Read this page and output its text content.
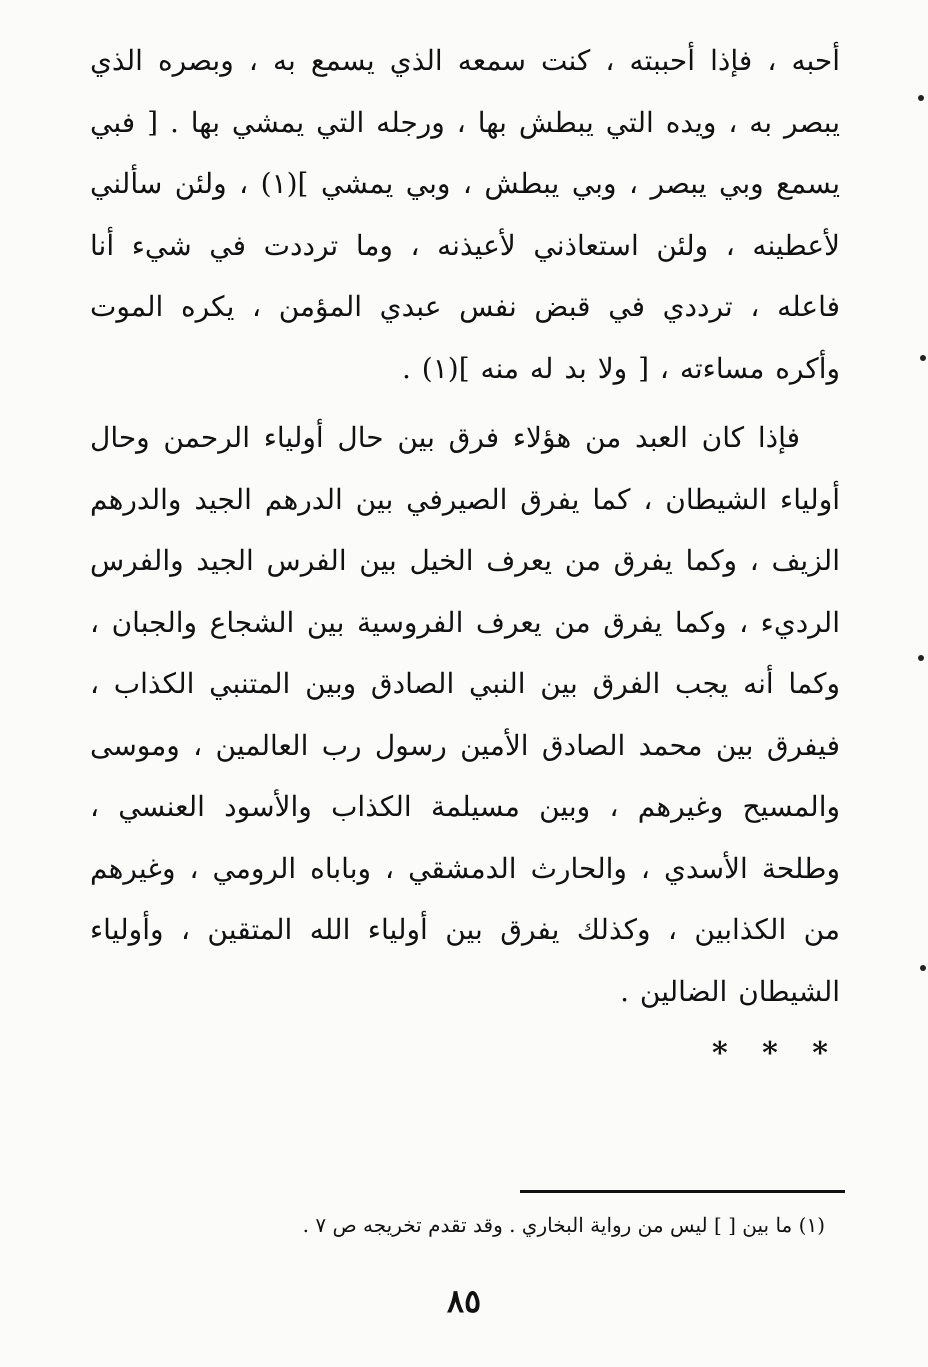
أحبه ، فإذا أحببته ، كنت سمعه الذي يسمع به ، وبصره الذي يبصر به ، ويده التي يبطش بها ، ورجله التي يمشي بها . [ فبي يسمع وبي يبصر ، وبي يبطش ، وبي يمشي ](١) ، ولئن سألني لأعطينه ، ولئن استعاذني لأعيذنه ، وما ترددت في شيء أنا فاعله ، ترددي في قبض نفس عبدي المؤمن ، يكره الموت وأكره مساءته ، [ ولا بد له منه ](١) .

فإذا كان العبد من هؤلاء فرق بين حال أولياء الرحمن وحال أولياء الشيطان ، كما يفرق الصيرفي بين الدرهم الجيد والدرهم الزيف ، وكما يفرق من يعرف الخيل بين الفرس الجيد والفرس الرديء ، وكما يفرق من يعرف الفروسية بين الشجاع والجبان ، وكما أنه يجب الفرق بين النبي الصادق وبين المتنبي الكذاب ، فيفرق بين محمد الصادق الأمين رسول رب العالمين ، وموسى والمسيح وغيرهم ، وبين مسيلمة الكذاب والأسود العنسي ، وطلحة الأسدي ، والحارث الدمشقي ، وباباه الرومي ، وغيرهم من الكذابين ، وكذلك يفرق بين أولياء الله المتقين ، وأولياء الشيطان الضالين .

* * *
(١) ما بين [ ] ليس من رواية البخاري . وقد تقدم تخريجه ص ٧ .
٨٥
